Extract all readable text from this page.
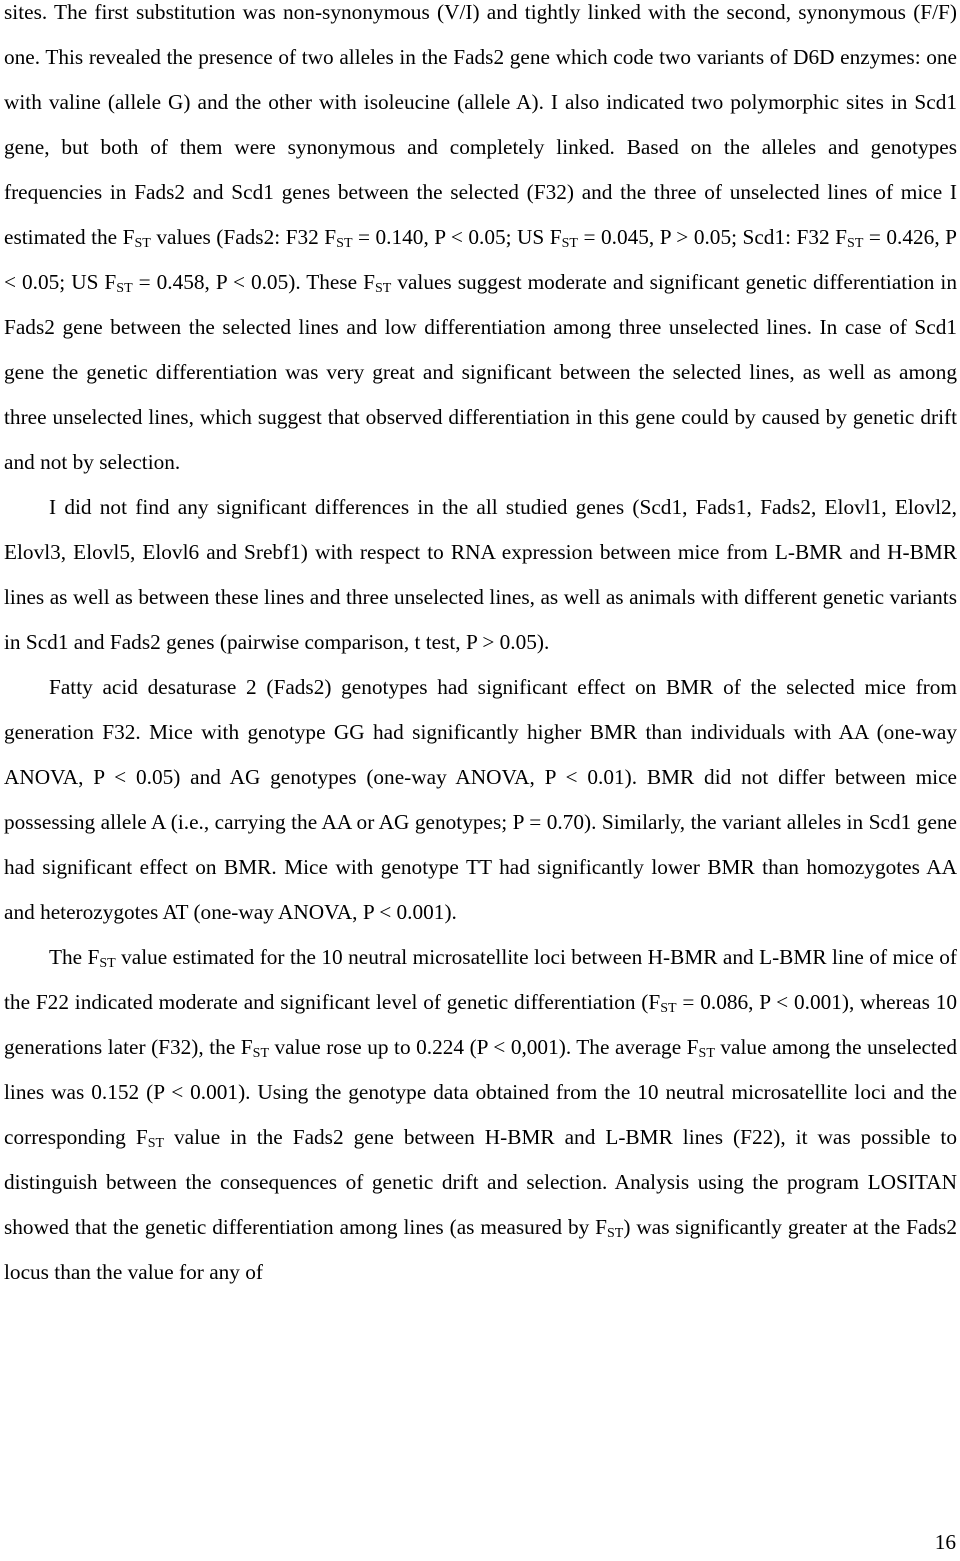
sites. The first substitution was non-synonymous (V/I) and tightly linked with the second, synonymous (F/F) one. This revealed the presence of two alleles in the Fads2 gene which code two variants of D6D enzymes: one with valine (allele G) and the other with isoleucine (allele A). I also indicated two polymorphic sites in Scd1 gene, but both of them were synonymous and completely linked. Based on the alleles and genotypes frequencies in Fads2 and Scd1 genes between the selected (F32) and the three of unselected lines of mice I estimated the $F_{ST}$ values (Fads2: F32 $F_{ST} = 0.140$, P < 0.05; US $F_{ST} = 0.045$, P > 0.05; Scd1: F32 $F_{ST} = 0.426$, P < 0.05; US $F_{ST} = 0.458$, P < 0.05). These $F_{ST}$ values suggest moderate and significant genetic differentiation in Fads2 gene between the selected lines and low differentiation among three unselected lines. In case of Scd1 gene the genetic differentiation was very great and significant between the selected lines, as well as among three unselected lines, which suggest that observed differentiation in this gene could by caused by genetic drift and not by selection.

I did not find any significant differences in the all studied genes (Scd1, Fads1, Fads2, Elovl1, Elovl2, Elovl3, Elovl5, Elovl6 and Srebf1) with respect to RNA expression between mice from L-BMR and H-BMR lines as well as between these lines and three unselected lines, as well as animals with different genetic variants in Scd1 and Fads2 genes (pairwise comparison, t test, P > 0.05).

Fatty acid desaturase 2 (Fads2) genotypes had significant effect on BMR of the selected mice from generation F32. Mice with genotype GG had significantly higher BMR than individuals with AA (one-way ANOVA, P < 0.05) and AG genotypes (one-way ANOVA, P < 0.01). BMR did not differ between mice possessing allele A (i.e., carrying the AA or AG genotypes; P = 0.70). Similarly, the variant alleles in Scd1 gene had significant effect on BMR. Mice with genotype TT had significantly lower BMR than homozygotes AA and heterozygotes AT (one-way ANOVA, P < 0.001).

The $F_{ST}$ value estimated for the 10 neutral microsatellite loci between H-BMR and L-BMR line of mice of the F22 indicated moderate and significant level of genetic differentiation ($F_{ST} = 0.086$, P < 0.001), whereas 10 generations later (F32), the $F_{ST}$ value rose up to 0.224 (P < 0,001). The average $F_{ST}$ value among the unselected lines was 0.152 (P < 0.001). Using the genotype data obtained from the 10 neutral microsatellite loci and the corresponding $F_{ST}$ value in the Fads2 gene between H-BMR and L-BMR lines (F22), it was possible to distinguish between the consequences of genetic drift and selection. Analysis using the program LOSITAN showed that the genetic differentiation among lines (as measured by $F_{ST}$) was significantly greater at the Fads2 locus than the value for any of

16
